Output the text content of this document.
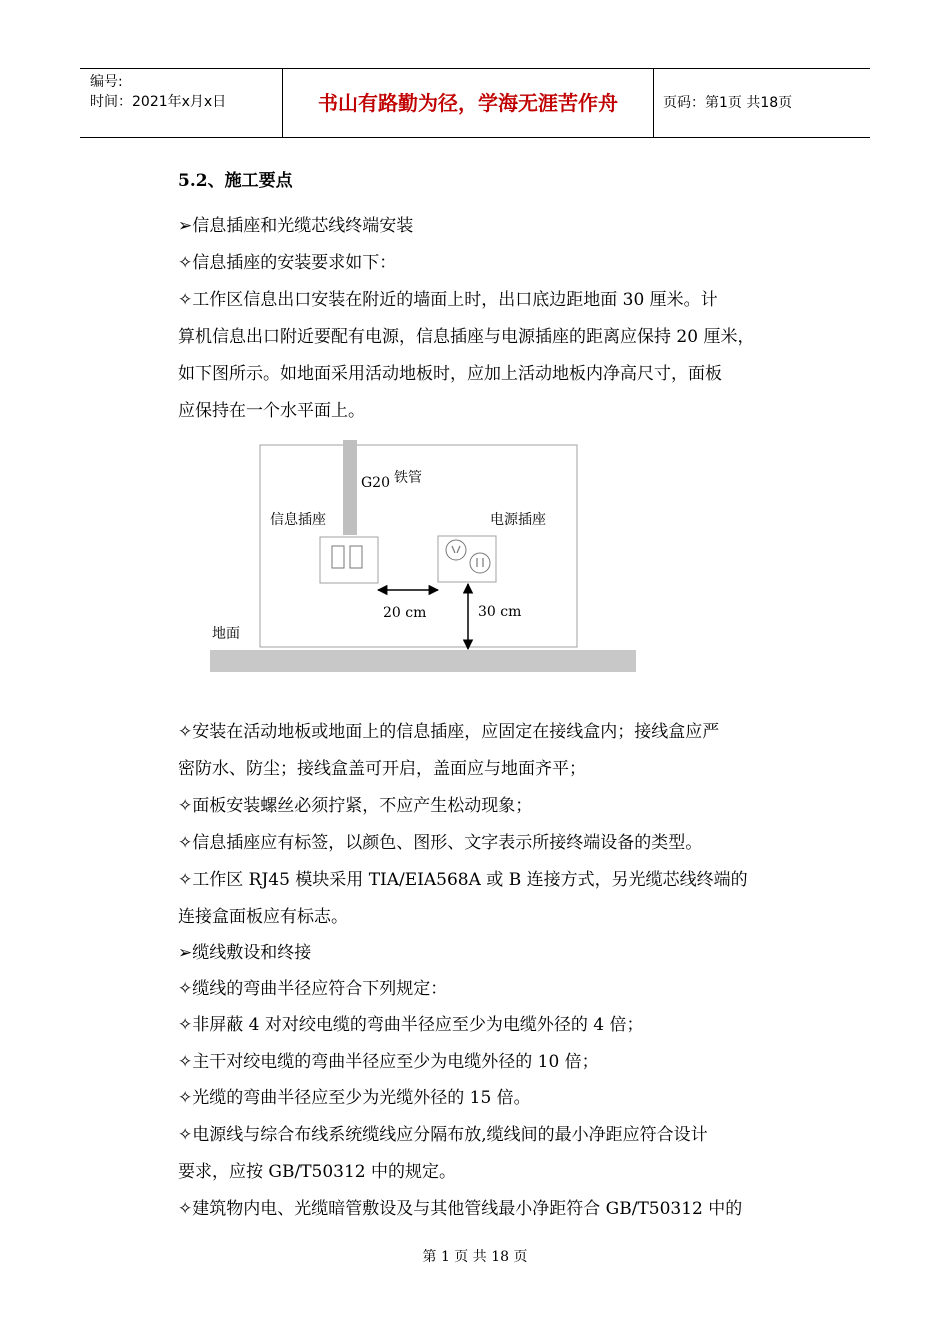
编号:
时间：2021年x月x日	书山有路勤为径，学海无涯苦作舟	页码：第1页 共18页
5.2、施工要点
➢信息插座和光缆芯线终端安装
✧信息插座的安装要求如下：
✧工作区信息出口安装在附近的墙面上时，出口底边距地面 30 厘米。计
算机信息出口附近要配有电源，信息插座与电源插座的距离应保持 20 厘米，
如下图所示。如地面采用活动地板时，应加上活动地板内净高尺寸，面板
应保持在一个水平面上。
G20 铁管
信息插座	电源插座
20 cm	30 cm
地面
✧安装在活动地板或地面上的信息插座，应固定在接线盒内；接线盒应严
密防水、防尘；接线盒盖可开启，盖面应与地面齐平；
✧面板安装螺丝必须拧紧，不应产生松动现象；
✧信息插座应有标签，以颜色、图形、文字表示所接终端设备的类型。
✧工作区 RJ45 模块采用 TIA/EIA568A 或 B 连接方式，另光缆芯线终端的
连接盒面板应有标志。
➢缆线敷设和终接
✧缆线的弯曲半径应符合下列规定：
✧非屏蔽 4 对对绞电缆的弯曲半径应至少为电缆外径的 4 倍；
✧主干对绞电缆的弯曲半径应至少为电缆外径的 10 倍；
✧光缆的弯曲半径应至少为光缆外径的 15 倍。
✧电源线与综合布线系统缆线应分隔布放,缆线间的最小净距应符合设计
要求，应按 GB/T50312 中的规定。
✧建筑物内电、光缆暗管敷设及与其他管线最小净距符合 GB/T50312 中的
第 1 页 共 18 页
